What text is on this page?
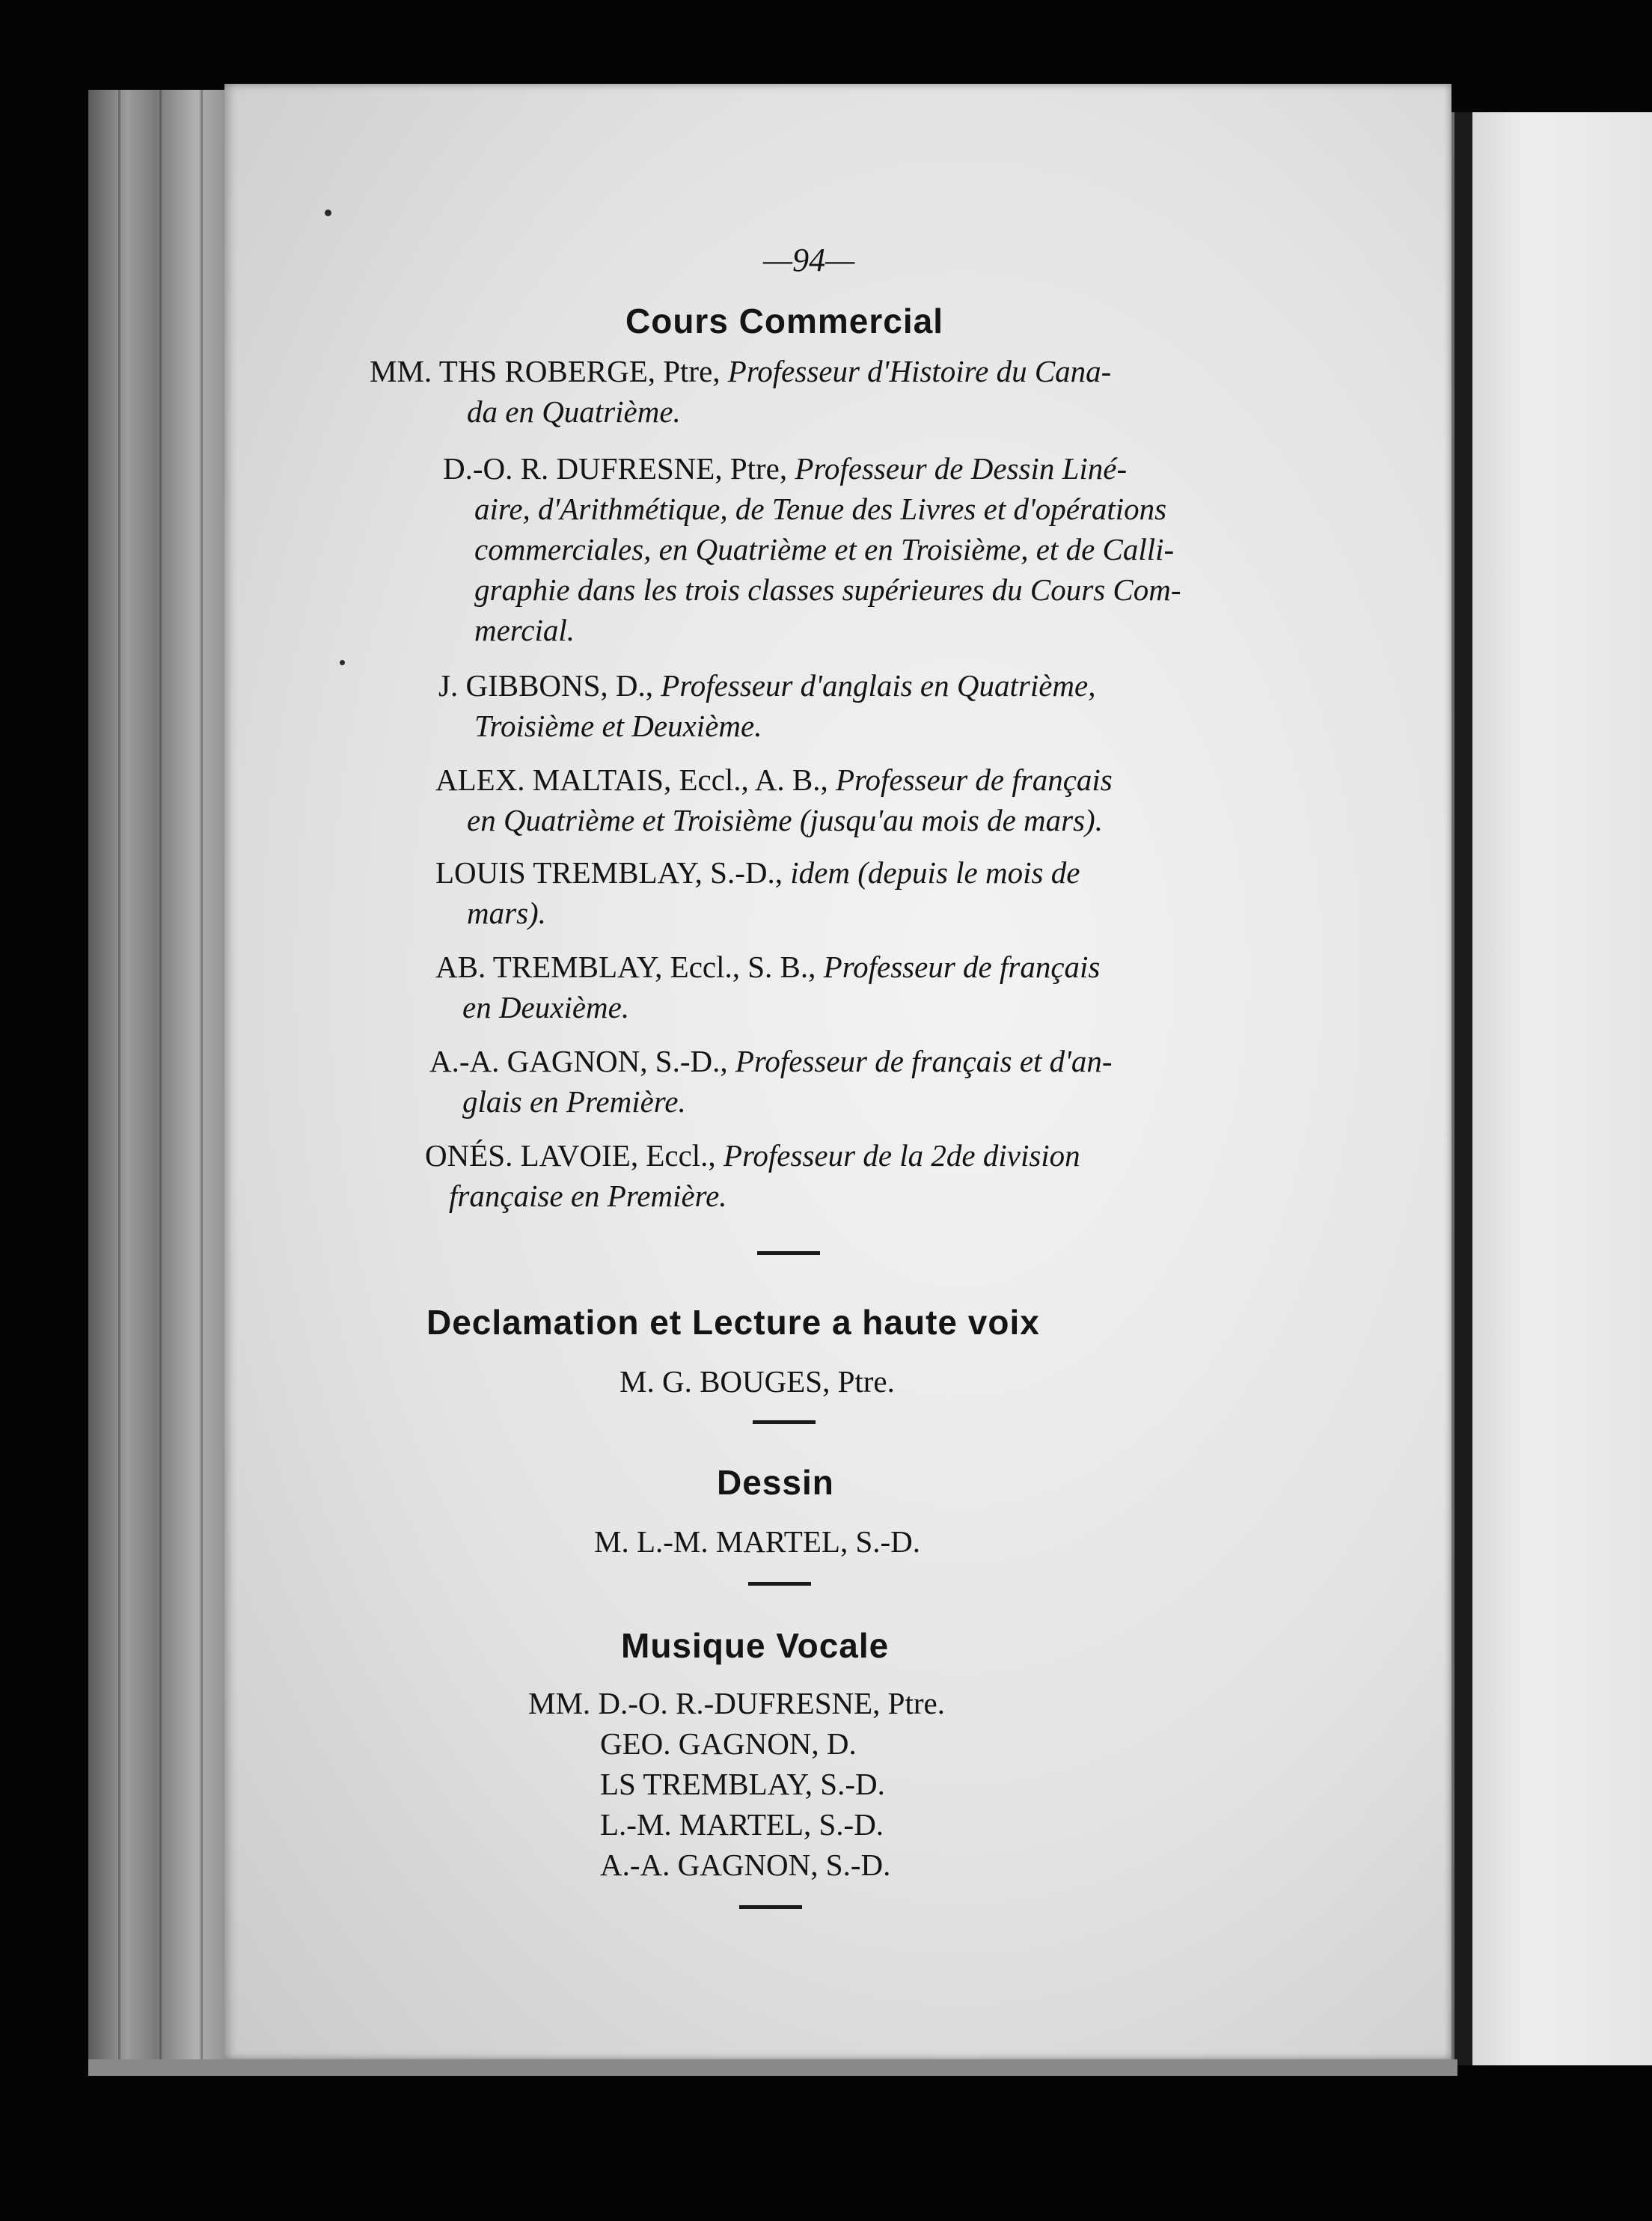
—94—
Cours Commercial
MM. THS ROBERGE, Ptre, Professeur d'Histoire du Cana-
da en Quatrième.
D.-O. R. DUFRESNE, Ptre, Professeur de Dessin Liné-
aire, d'Arithmétique, de Tenue des Livres et d'opérations
commerciales, en Quatrième et en Troisième, et de Calli-
graphie dans les trois classes supérieures du Cours Com-
mercial.
J. GIBBONS, D., Professeur d'anglais en Quatrième,
Troisième et Deuxième.
ALEX. MALTAIS, Eccl., A. B., Professeur de français
en Quatrième et Troisième (jusqu'au mois de mars).
LOUIS TREMBLAY, S.-D., idem (depuis le mois de
mars).
AB. TREMBLAY, Eccl., S. B., Professeur de français
en Deuxième.
A.-A. GAGNON, S.-D., Professeur de français et d'an-
glais en Première.
ONÉS. LAVOIE, Eccl., Professeur de la 2de division
française en Première.
Declamation et Lecture a haute voix
M. G. BOUGES, Ptre.
Dessin
M. L.-M. MARTEL, S.-D.
Musique Vocale
MM. D.-O. R.-DUFRESNE, Ptre.
GEO. GAGNON, D.
LS TREMBLAY, S.-D.
L.-M. MARTEL, S.-D.
A.-A. GAGNON, S.-D.
